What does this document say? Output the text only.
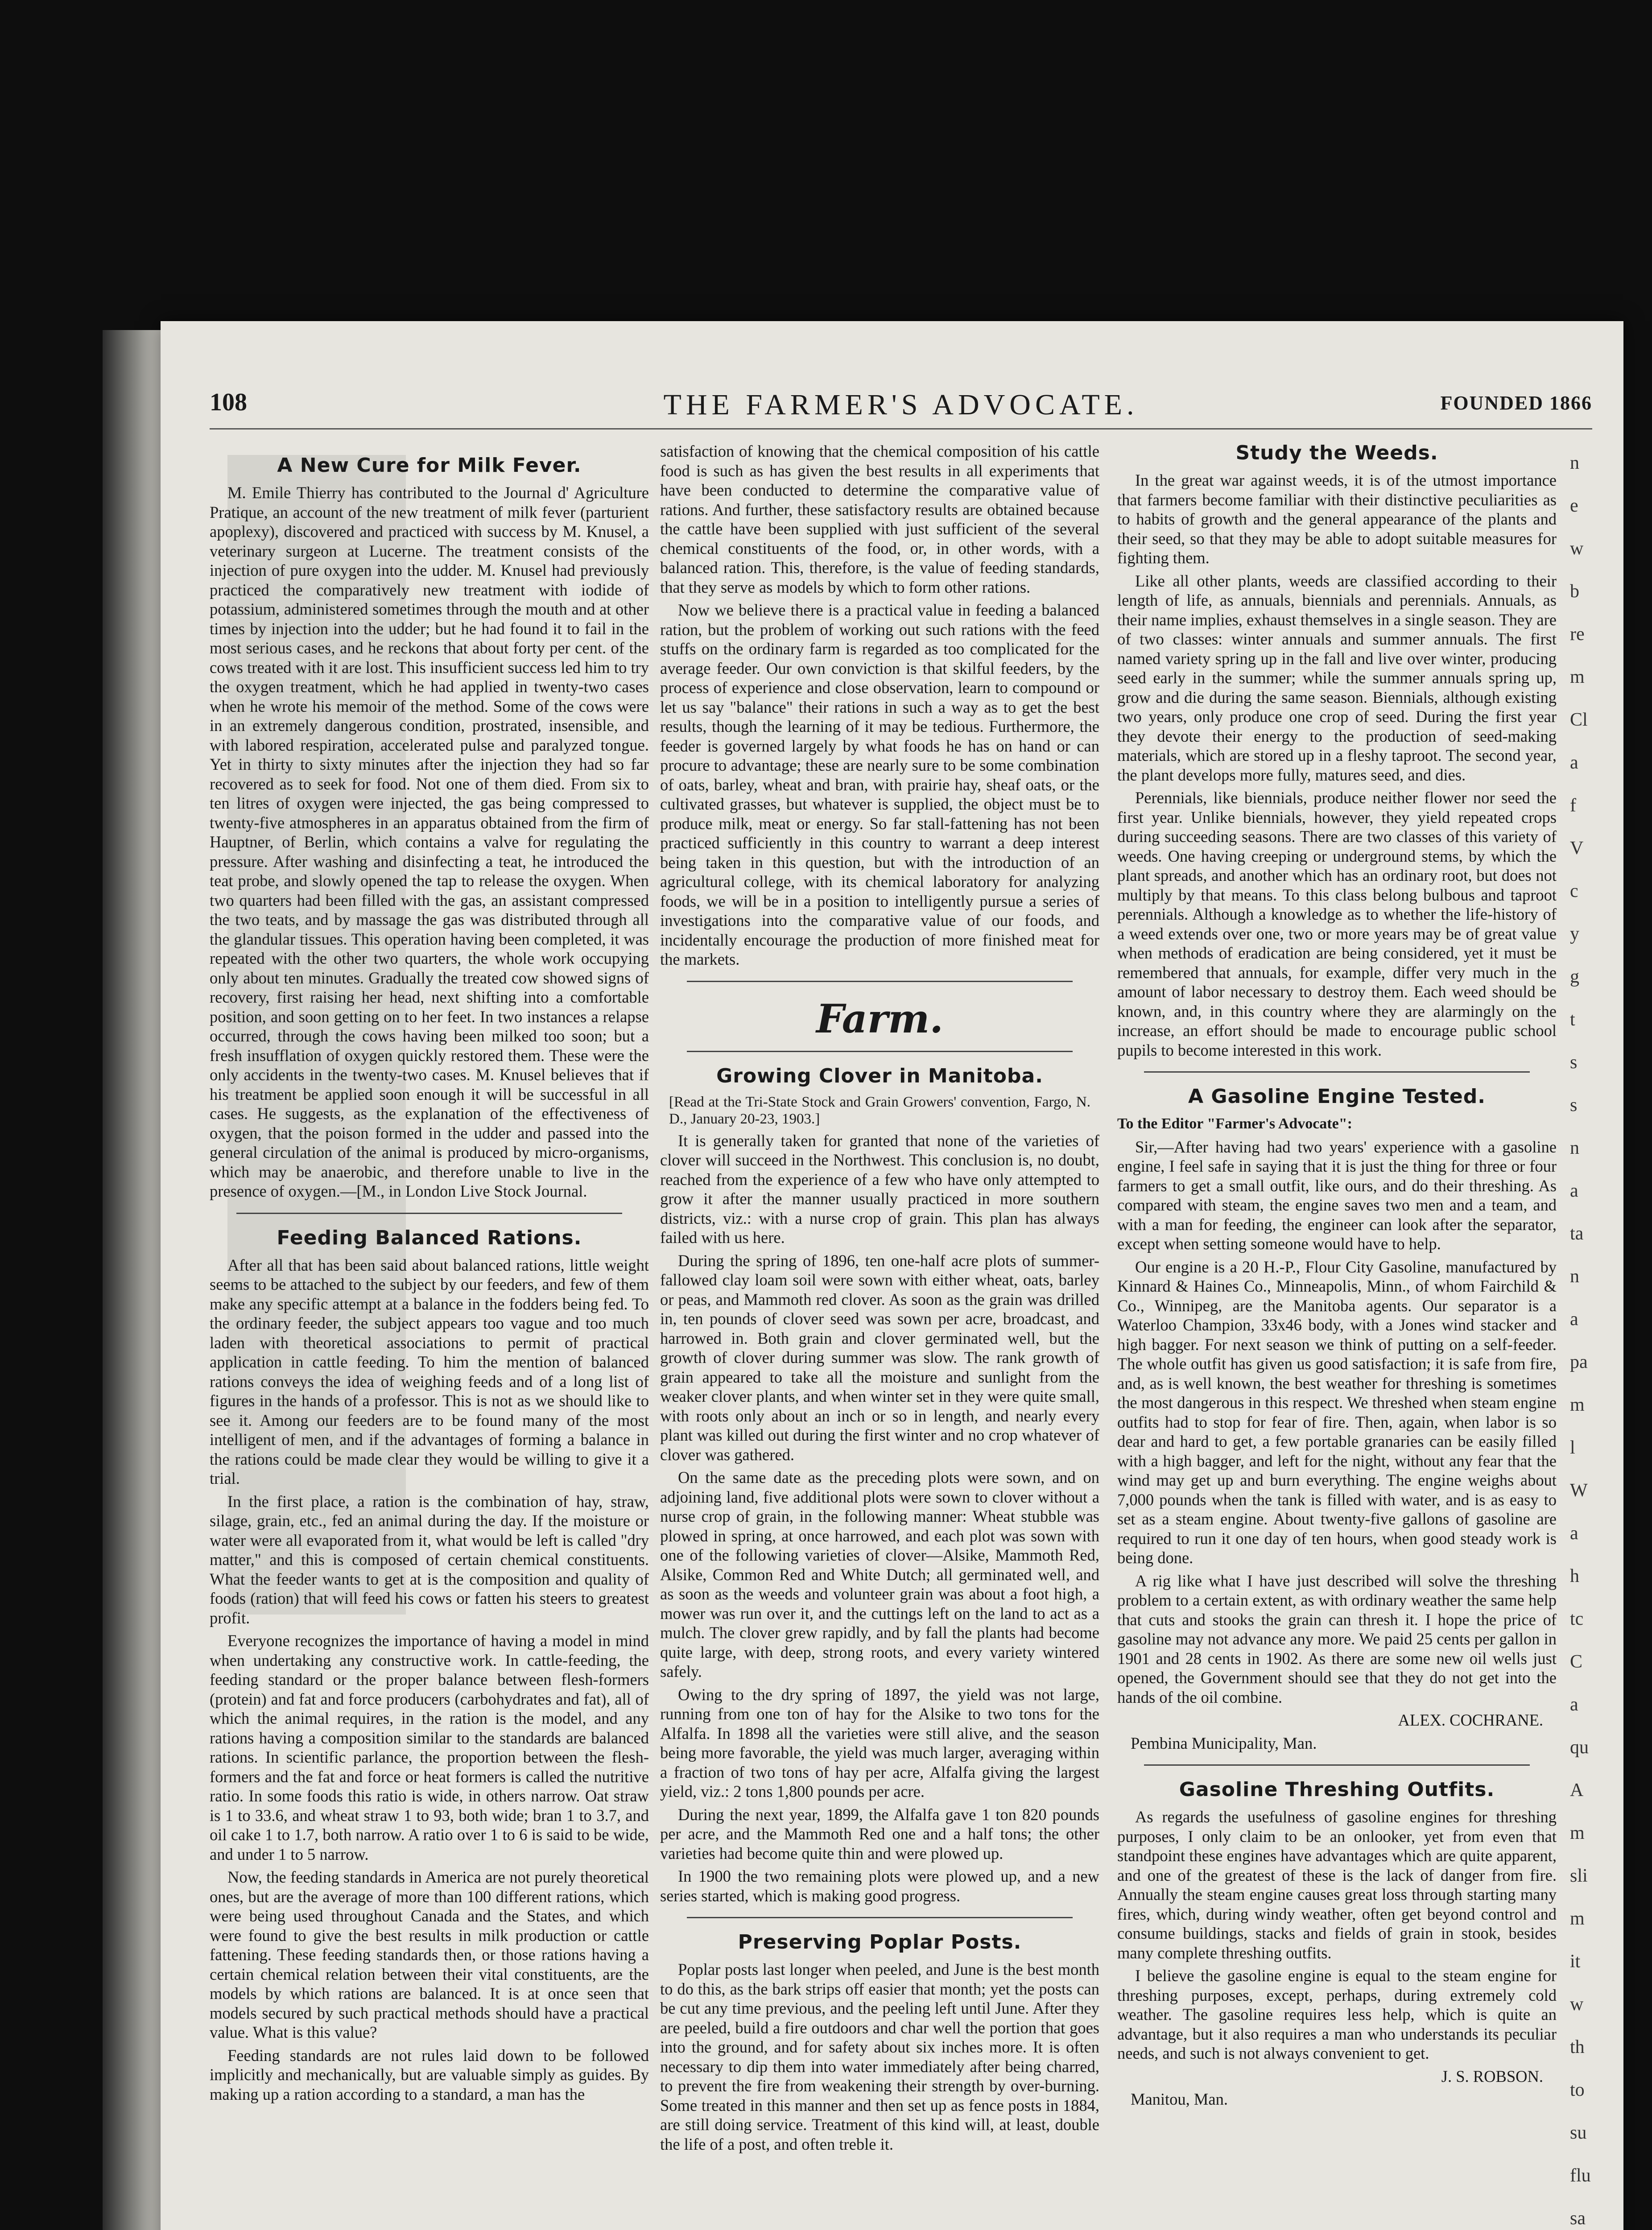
108	THE FARMER'S ADVOCATE.	FOUNDED 1866
A New Cure for Milk Fever.

M. Emile Thierry has contributed to the Journal d' Agriculture Pratique, an account of the new treatment of milk fever (parturient apoplexy), discovered and practiced with success by M. Knusel, a veterinary surgeon at Lucerne. The treatment consists of the injection of pure oxygen into the udder. M. Knusel had previously practiced the comparatively new treatment with iodide of potassium, administered sometimes through the mouth and at other times by injection into the udder; but he had found it to fail in the most serious cases, and he reckons that about forty per cent. of the cows treated with it are lost. This insufficient success led him to try the oxygen treatment, which he had applied in twenty-two cases when he wrote his memoir of the method. Some of the cows were in an extremely dangerous condition, prostrated, insensible, and with labored respiration, accelerated pulse and paralyzed tongue. Yet in thirty to sixty minutes after the injection they had so far recovered as to seek for food. Not one of them died. From six to ten litres of oxygen were injected, the gas being compressed to twenty-five atmospheres in an apparatus obtained from the firm of Hauptner, of Berlin, which contains a valve for regulating the pressure. After washing and disinfecting a teat, he introduced the teat probe, and slowly opened the tap to release the oxygen. When two quarters had been filled with the gas, an assistant compressed the two teats, and by massage the gas was distributed through all the glandular tissues. This operation having been completed, it was repeated with the other two quarters, the whole work occupying only about ten minutes. Gradually the treated cow showed signs of recovery, first raising her head, next shifting into a comfortable position, and soon getting on to her feet. In two instances a relapse occurred, through the cows having been milked too soon; but a fresh insufflation of oxygen quickly restored them. These were the only accidents in the twenty-two cases. M. Knusel believes that if his treatment be applied soon enough it will be successful in all cases. He suggests, as the explanation of the effectiveness of oxygen, that the poison formed in the udder and passed into the general circulation of the animal is produced by micro-organisms, which may be anaerobic, and therefore unable to live in the presence of oxygen.—[M., in London Live Stock Journal.

Feeding Balanced Rations.

After all that has been said about balanced rations, little weight seems to be attached to the subject by our feeders, and few of them make any specific attempt at a balance in the fodders being fed. To the ordinary feeder, the subject appears too vague and too much laden with theoretical associations to permit of practical application in cattle feeding. To him the mention of balanced rations conveys the idea of weighing feeds and of a long list of figures in the hands of a professor. This is not as we should like to see it. Among our feeders are to be found many of the most intelligent of men, and if the advantages of forming a balance in the rations could be made clear they would be willing to give it a trial.

In the first place, a ration is the combination of hay, straw, silage, grain, etc., fed an animal during the day. If the moisture or water were all evaporated from it, what would be left is called "dry matter," and this is composed of certain chemical constituents. What the feeder wants to get at is the composition and quality of foods (ration) that will feed his cows or fatten his steers to greatest profit.

Everyone recognizes the importance of having a model in mind when undertaking any constructive work. In cattle-feeding, the feeding standard or the proper balance between flesh-formers (protein) and fat and force producers (carbohydrates and fat), all of which the animal requires, in the ration is the model, and any rations having a composition similar to the standards are balanced rations. In scientific parlance, the proportion between the flesh-formers and the fat and force or heat formers is called the nutritive ratio. In some foods this ratio is wide, in others narrow. Oat straw is 1 to 33.6, and wheat straw 1 to 93, both wide; bran 1 to 3.7, and oil cake 1 to 1.7, both narrow. A ratio over 1 to 6 is said to be wide, and under 1 to 5 narrow.

Now, the feeding standards in America are not purely theoretical ones, but are the average of more than 100 different rations, which were being used throughout Canada and the States, and which were found to give the best results in milk production or cattle fattening. These feeding standards then, or those rations having a certain chemical relation between their vital constituents, are the models by which rations are balanced. It is at once seen that models secured by such practical methods should have a practical value. What is this value?

Feeding standards are not rules laid down to be followed implicitly and mechanically, but are valuable simply as guides. By making up a ration according to a standard, a man has the

satisfaction of knowing that the chemical composition of his cattle food is such as has given the best results in all experiments that have been conducted to determine the comparative value of rations. And further, these satisfactory results are obtained because the cattle have been supplied with just sufficient of the several chemical constituents of the food, or, in other words, with a balanced ration. This, therefore, is the value of feeding standards, that they serve as models by which to form other rations.

Now we believe there is a practical value in feeding a balanced ration, but the problem of working out such rations with the feed stuffs on the ordinary farm is regarded as too complicated for the average feeder. Our own conviction is that skilful feeders, by the process of experience and close observation, learn to compound or let us say "balance" their rations in such a way as to get the best results, though the learning of it may be tedious. Furthermore, the feeder is governed largely by what foods he has on hand or can procure to advantage; these are nearly sure to be some combination of oats, barley, wheat and bran, with prairie hay, sheaf oats, or the cultivated grasses, but whatever is supplied, the object must be to produce milk, meat or energy. So far stall-fattening has not been practiced sufficiently in this country to warrant a deep interest being taken in this question, but with the introduction of an agricultural college, with its chemical laboratory for analyzing foods, we will be in a position to intelligently pursue a series of investigations into the comparative value of our foods, and incidentally encourage the production of more finished meat for the markets.

Farm.
Growing Clover in Manitoba.

[Read at the Tri-State Stock and Grain Growers' convention, Fargo, N. D., January 20-23, 1903.]

It is generally taken for granted that none of the varieties of clover will succeed in the Northwest. This conclusion is, no doubt, reached from the experience of a few who have only attempted to grow it after the manner usually practiced in more southern districts, viz.: with a nurse crop of grain. This plan has always failed with us here.

During the spring of 1896, ten one-half acre plots of summer-fallowed clay loam soil were sown with either wheat, oats, barley or peas, and Mammoth red clover. As soon as the grain was drilled in, ten pounds of clover seed was sown per acre, broadcast, and harrowed in. Both grain and clover germinated well, but the growth of clover during summer was slow. The rank growth of grain appeared to take all the moisture and sunlight from the weaker clover plants, and when winter set in they were quite small, with roots only about an inch or so in length, and nearly every plant was killed out during the first winter and no crop whatever of clover was gathered.

On the same date as the preceding plots were sown, and on adjoining land, five additional plots were sown to clover without a nurse crop of grain, in the following manner: Wheat stubble was plowed in spring, at once harrowed, and each plot was sown with one of the following varieties of clover—Alsike, Mammoth Red, Alsike, Common Red and White Dutch; all germinated well, and as soon as the weeds and volunteer grain was about a foot high, a mower was run over it, and the cuttings left on the land to act as a mulch. The clover grew rapidly, and by fall the plants had become quite large, with deep, strong roots, and every variety wintered safely.

Owing to the dry spring of 1897, the yield was not large, running from one ton of hay for the Alsike to two tons for the Alfalfa. In 1898 all the varieties were still alive, and the season being more favorable, the yield was much larger, averaging within a fraction of two tons of hay per acre, Alfalfa giving the largest yield, viz.: 2 tons 1,800 pounds per acre.

During the next year, 1899, the Alfalfa gave 1 ton 820 pounds per acre, and the Mammoth Red one and a half tons; the other varieties had become quite thin and were plowed up.

In 1900 the two remaining plots were plowed up, and a new series started, which is making good progress.

Preserving Poplar Posts.

Poplar posts last longer when peeled, and June is the best month to do this, as the bark strips off easier that month; yet the posts can be cut any time previous, and the peeling left until June. After they are peeled, build a fire outdoors and char well the portion that goes into the ground, and for safety about six inches more. It is often necessary to dip them into water immediately after being charred, to prevent the fire from weakening their strength by over-burning. Some treated in this manner and then set up as fence posts in 1884, are still doing service. Treatment of this kind will, at least, double the life of a post, and often treble it.

Study the Weeds.

In the great war against weeds, it is of the utmost importance that farmers become familiar with their distinctive peculiarities as to habits of growth and the general appearance of the plants and their seed, so that they may be able to adopt suitable measures for fighting them.

Like all other plants, weeds are classified according to their length of life, as annuals, biennials and perennials. Annuals, as their name implies, exhaust themselves in a single season. They are of two classes: winter annuals and summer annuals. The first named variety spring up in the fall and live over winter, producing seed early in the summer; while the summer annuals spring up, grow and die during the same season. Biennials, although existing two years, only produce one crop of seed. During the first year they devote their energy to the production of seed-making materials, which are stored up in a fleshy taproot. The second year, the plant develops more fully, matures seed, and dies.

Perennials, like biennials, produce neither flower nor seed the first year. Unlike biennials, however, they yield repeated crops during succeeding seasons. There are two classes of this variety of weeds. One having creeping or underground stems, by which the plant spreads, and another which has an ordinary root, but does not multiply by that means. To this class belong bulbous and taproot perennials. Although a knowledge as to whether the life-history of a weed extends over one, two or more years may be of great value when methods of eradication are being considered, yet it must be remembered that annuals, for example, differ very much in the amount of labor necessary to destroy them. Each weed should be known, and, in this country where they are alarmingly on the increase, an effort should be made to encourage public school pupils to become interested in this work.

A Gasoline Engine Tested.

To the Editor "Farmer's Advocate":

Sir,—After having had two years' experience with a gasoline engine, I feel safe in saying that it is just the thing for three or four farmers to get a small outfit, like ours, and do their threshing. As compared with steam, the engine saves two men and a team, and with a man for feeding, the engineer can look after the separator, except when setting someone would have to help.

Our engine is a 20 H.-P., Flour City Gasoline, manufactured by Kinnard & Haines Co., Minneapolis, Minn., of whom Fairchild & Co., Winnipeg, are the Manitoba agents. Our separator is a Waterloo Champion, 33x46 body, with a Jones wind stacker and high bagger. For next season we think of putting on a self-feeder. The whole outfit has given us good satisfaction; it is safe from fire, and, as is well known, the best weather for threshing is sometimes the most dangerous in this respect. We threshed when steam engine outfits had to stop for fear of fire. Then, again, when labor is so dear and hard to get, a few portable granaries can be easily filled with a high bagger, and left for the night, without any fear that the wind may get up and burn everything. The engine weighs about 7,000 pounds when the tank is filled with water, and is as easy to set as a steam engine. About twenty-five gallons of gasoline are required to run it one day of ten hours, when good steady work is being done.

A rig like what I have just described will solve the threshing problem to a certain extent, as with ordinary weather the same help that cuts and stooks the grain can thresh it. I hope the price of gasoline may not advance any more. We paid 25 cents per gallon in 1901 and 28 cents in 1902. As there are some new oil wells just opened, the Government should see that they do not get into the hands of the oil combine.

ALEX. COCHRANE.

Pembina Municipality, Man.

Gasoline Threshing Outfits.

As regards the usefulness of gasoline engines for threshing purposes, I only claim to be an onlooker, yet from even that standpoint these engines have advantages which are quite apparent, and one of the greatest of these is the lack of danger from fire. Annually the steam engine causes great loss through starting many fires, which, during windy weather, often get beyond control and consume buildings, stacks and fields of grain in stook, besides many complete threshing outfits.

I believe the gasoline engine is equal to the steam engine for threshing purposes, except, perhaps, during extremely cold weather. The gasoline requires less help, which is quite an advantage, but it also requires a man who understands its peculiar needs, and such is not always convenient to get.

J. S. ROBSON.

Manitou, Man.

n
e
w
b
re
m
Cl
a
f
V
c
y
g
t
s
s
n
a
ta
n
a
pa
m
l
W
a
h
tc
C
a
qu
A
m
sli
m
it
w
th
to
su
flu
sa
